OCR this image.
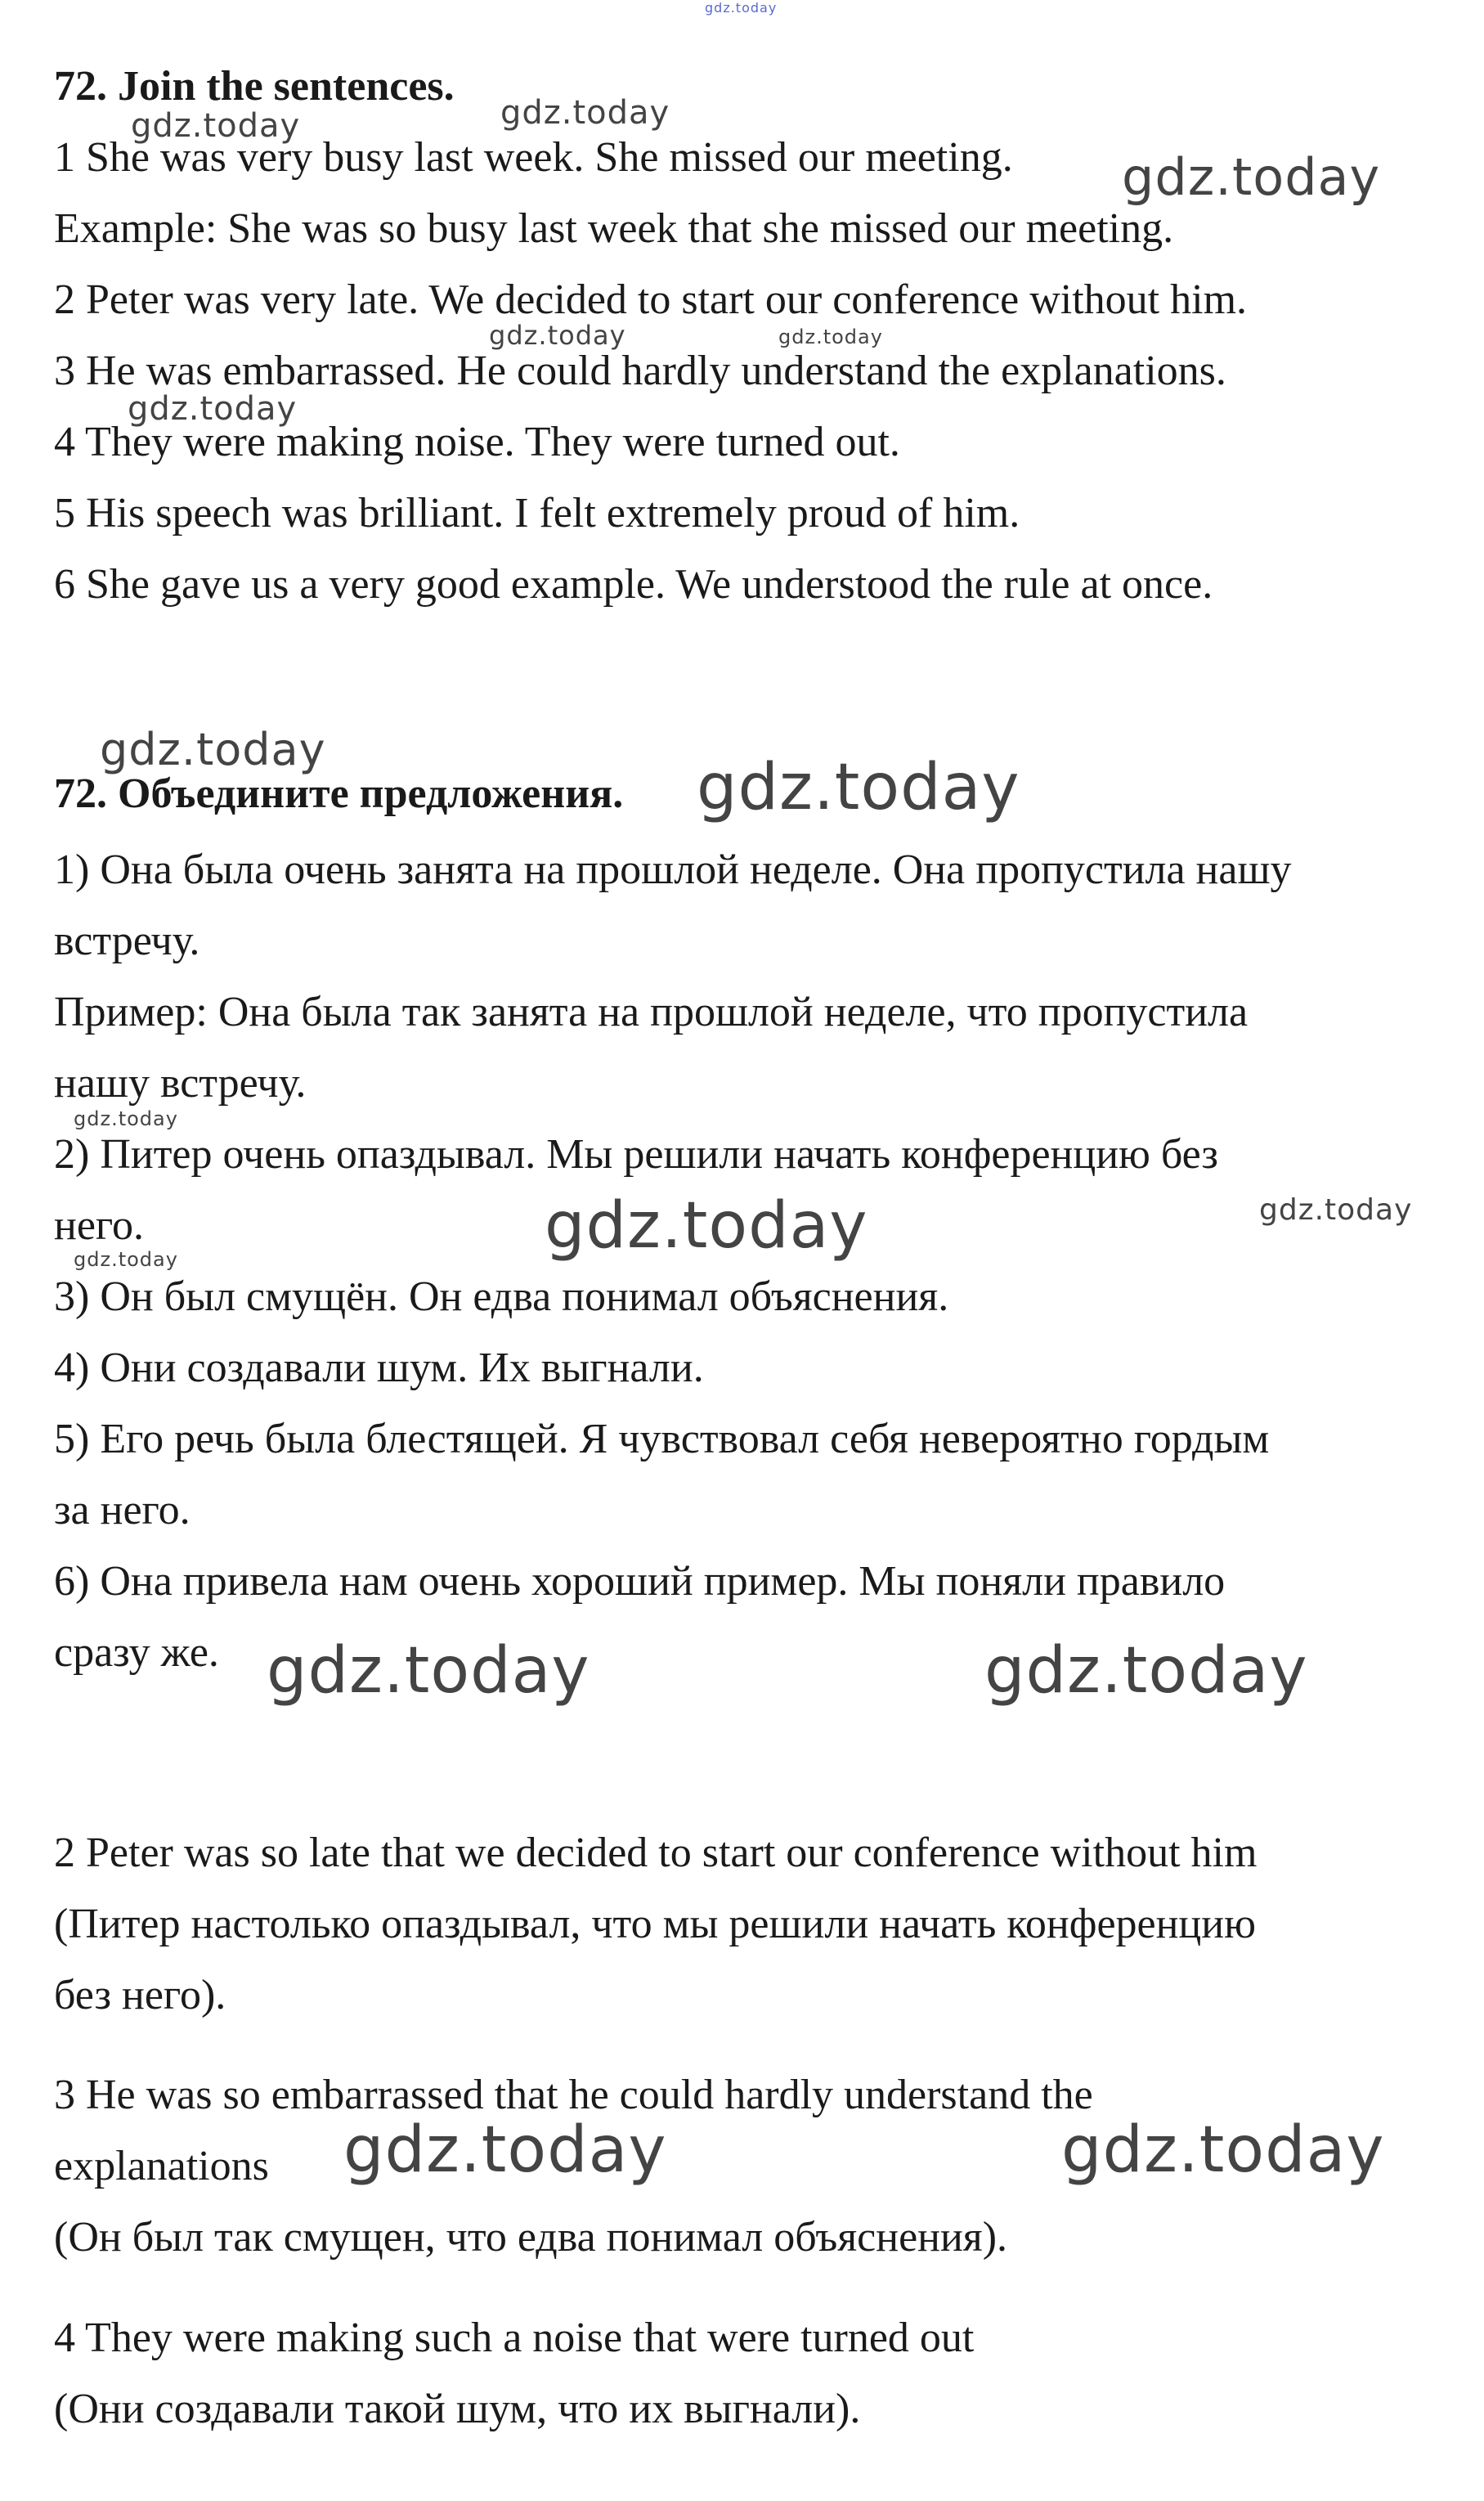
72. Join the sentences.
1 She was very busy last week. She missed our meeting.
Example: She was so busy last week that she missed our meeting.
2 Peter was very late. We decided to start our conference without him.
3 He was embarrassed. He could hardly understand the explanations.
4 They were making noise. They were turned out.
5 His speech was brilliant. I felt extremely proud of him.
6 She gave us a very good example. We understood the rule at once.
72. Объедините предложения.
1) Она была очень занята на прошлой неделе. Она пропустила нашу
встречу.
Пример: Она была так занята на прошлой неделе, что пропустила
нашу встречу.
2) Питер очень опаздывал. Мы решили начать конференцию без
него.
3) Он был смущён. Он едва понимал объяснения.
4) Они создавали шум. Их выгнали.
5) Его речь была блестящей. Я чувствовал себя невероятно гордым
за него.
6) Она привела нам очень хороший пример. Мы поняли правило
сразу же.
2 Peter was so late that we decided to start our conference without him
(Питер настолько опаздывал, что мы решили начать конференцию
без него).
3 He was so embarrassed that he could hardly understand the
explanations
(Он был так смущен, что едва понимал объяснения).
4 They were making such a noise that were turned out
(Они создавали такой шум, что их выгнали).
gdz.today
gdz.today
gdz.today
gdz.today
gdz.today	gdz.today
gdz.today
gdz.today
gdz.today
gdz.today
gdz.today	gdz.today
gdz.today
gdz.today	gdz.today
gdz.today	gdz.today
